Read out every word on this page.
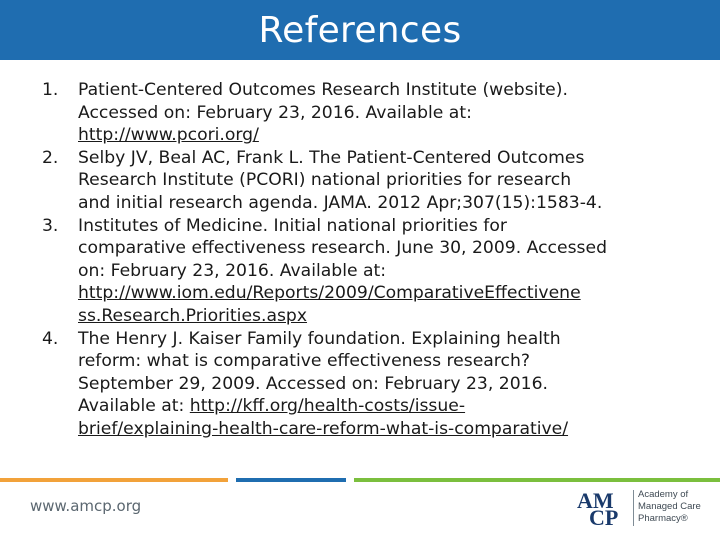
References
1. Patient-Centered Outcomes Research Institute (website).
Accessed on: February 23, 2016. Available at:
http://www.pcori.org/
2. Selby JV, Beal AC, Frank L. The Patient-Centered Outcomes
Research Institute (PCORI) national priorities for research
and initial research agenda. JAMA. 2012 Apr;307(15):1583-4.
3. Institutes of Medicine. Initial national priorities for
comparative effectiveness research. June 30, 2009. Accessed
on: February 23, 2016. Available at:
http://www.iom.edu/Reports/2009/ComparativeEffectivene
ss.Research.Priorities.aspx
4. The Henry J. Kaiser Family foundation. Explaining health
reform: what is comparative effectiveness research?
September 29, 2009. Accessed on: February 23, 2016.
Available at: http://kff.org/health-costs/issue-
brief/explaining-health-care-reform-what-is-comparative/
www.amcp.org	AM
CP
Academy of
Managed Care
Pharmacy®
